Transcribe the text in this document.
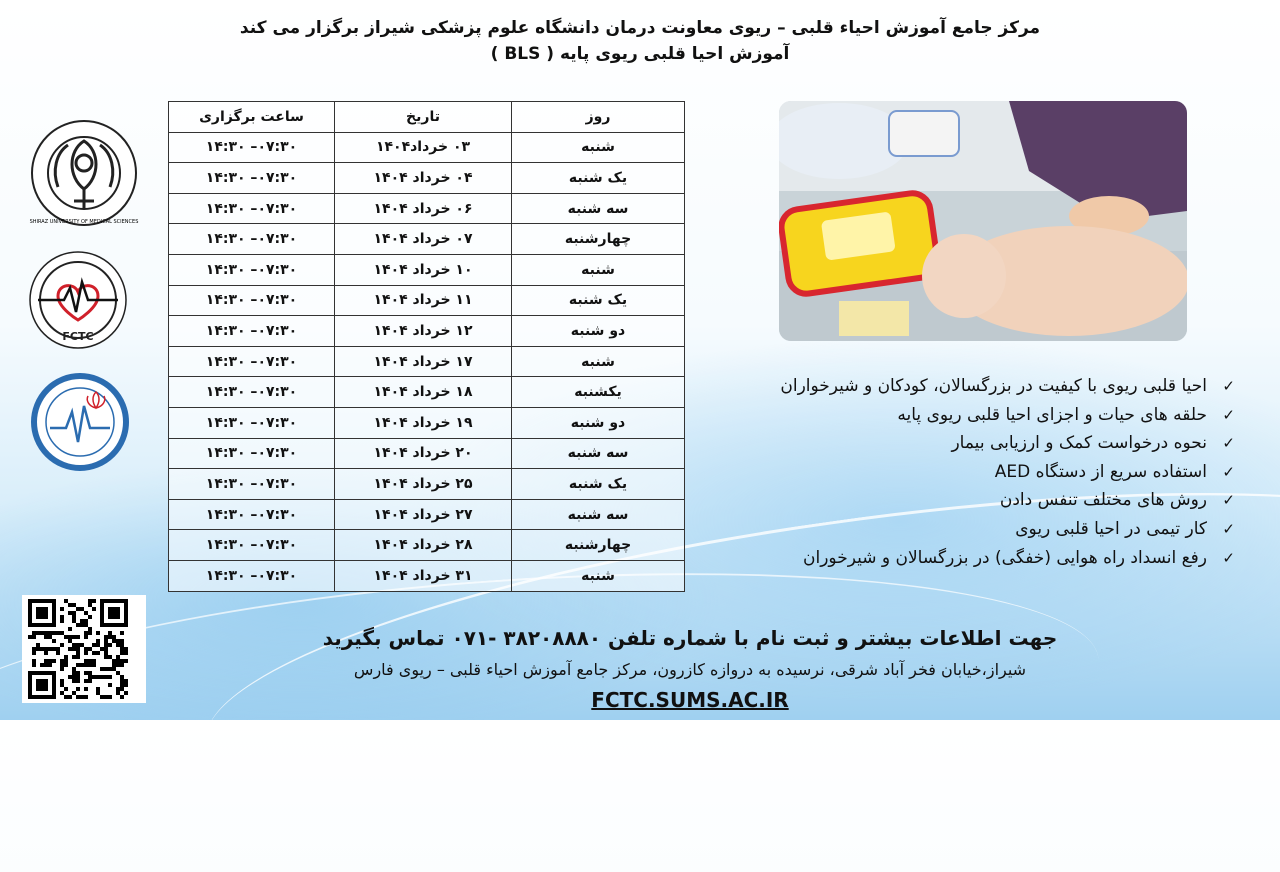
مرکز جامع آموزش احیاء قلبی – ریوی معاونت درمان دانشگاه علوم پزشکی شیراز برگزار می کند
آموزش احیا قلبی ریوی پایه ( BLS )
SHIRAZ UNIVERSITY OF MEDICAL SCIENCES
FCTC
روز	تاریخ	ساعت برگزاری
شنبه	۰۳ خرداد۱۴۰۴	۰۷:۳۰– ۱۴:۳۰
یک شنبه	۰۴ خرداد ۱۴۰۴	۰۷:۳۰– ۱۴:۳۰
سه شنبه	۰۶ خرداد ۱۴۰۴	۰۷:۳۰– ۱۴:۳۰
چهارشنبه	۰۷ خرداد ۱۴۰۴	۰۷:۳۰– ۱۴:۳۰
شنبه	۱۰ خرداد ۱۴۰۴	۰۷:۳۰– ۱۴:۳۰
یک شنبه	۱۱ خرداد ۱۴۰۴	۰۷:۳۰– ۱۴:۳۰
دو شنبه	۱۲ خرداد ۱۴۰۴	۰۷:۳۰– ۱۴:۳۰
شنبه	۱۷ خرداد ۱۴۰۴	۰۷:۳۰– ۱۴:۳۰
یکشنبه	۱۸ خرداد ۱۴۰۴	۰۷:۳۰– ۱۴:۳۰
دو شنبه	۱۹ خرداد ۱۴۰۴	۰۷:۳۰– ۱۴:۳۰
سه شنبه	۲۰ خرداد ۱۴۰۴	۰۷:۳۰– ۱۴:۳۰
یک شنبه	۲۵ خرداد ۱۴۰۴	۰۷:۳۰– ۱۴:۳۰
سه شنبه	۲۷ خرداد ۱۴۰۴	۰۷:۳۰– ۱۴:۳۰
چهارشنبه	۲۸ خرداد ۱۴۰۴	۰۷:۳۰– ۱۴:۳۰
شنبه	۳۱ خرداد ۱۴۰۴	۰۷:۳۰– ۱۴:۳۰
✓
احیا قلبی ریوی با کیفیت در بزرگسالان، کودکان و شیرخواران
✓
حلقه های حیات و اجزای احیا قلبی ریوی پایه
✓
نحوه درخواست کمک و ارزیابی بیمار
✓
استفاده سریع از دستگاه AED
✓
روش های مختلف تنفس دادن
✓
کار تیمی در احیا قلبی ریوی
✓
رفع انسداد راه هوایی (خفگی) در بزرگسالان و شیرخوران
جهت اطلاعات بیشتر و ثبت نام با شماره تلفن ۳۸۲۰۸۸۸۰ -۰۷۱ تماس بگیرید
شیراز،خیابان فخر آباد شرقی، نرسیده به دروازه کازرون، مرکز جامع آموزش احیاء قلبی – ریوی فارس
FCTC.SUMS.AC.IR
